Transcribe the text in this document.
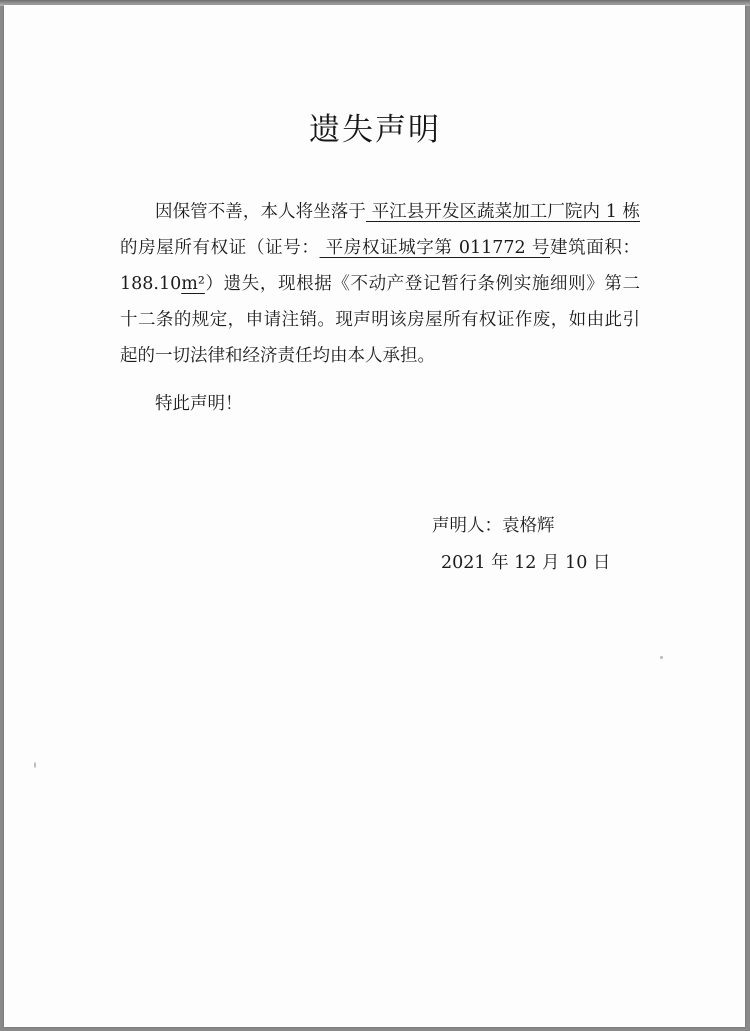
遗失声明

因保管不善，本人将坐落于 平江县开发区蔬菜加工厂院内 1 栋的房屋所有权证（证号： 平房权证城字第 011772 号建筑面积：188.10m²）遗失，现根据《不动产登记暂行条例实施细则》第二十二条的规定，申请注销。现声明该房屋所有权证作废，如由此引起的一切法律和经济责任均由本人承担。

特此声明！

声明人：袁格辉
2021 年 12 月 10 日
